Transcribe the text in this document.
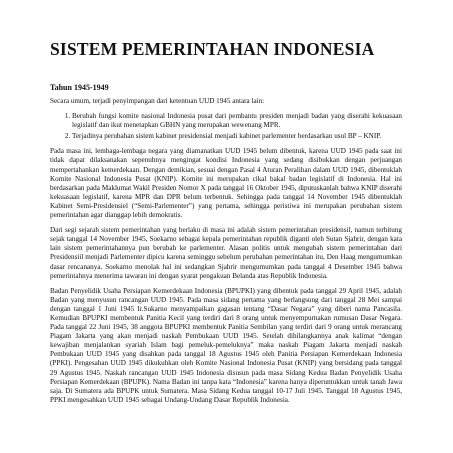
SISTEM PEMERINTAHAN INDONESIA
Tahun 1945-1949

Secara umum, terjadi penyimpangan dari ketentuan UUD 1945 antara lain:

1. Berubah fungsi komite nasional Indonesia pusat dari pembantu presiden menjadi badan yang diserahi kekuasaan legislatif dan ikut menetapkan GBHN yang merupakan wewenang MPR.
2. Terjadinya perubahan sistem kabinet presidensial menjadi kabinet parlementer berdasarkan usul BP – KNIP.

Pada masa ini, lembaga-lembaga negara yang diamanatkan UUD 1945 belum dibentuk, karena UUD 1945 pada saat ini tidak dapat dilaksanakan sepenuhnya mengingat kondisi Indonesia yang sedang disibukkan dengan perjuangan mempertahankan kemerdekaan. Dengan demikian, sesuai dengan Pasal 4 Aturan Peralihan dalam UUD 1945, dibentuklah Komite Nasional Indonesia Pusat (KNIP). Komite ini merupakan cikal bakal badan legislatif di Indonesia. Hal ini berdasarkan pada Maklumat Wakil Presiden Nomor X pada tanggal 16 Oktober 1945, diputuskanlah bahwa KNIP diserahi kekuasaan legislatif, karena MPR dan DPR belum terbentuk. Sehingga pada tanggal 14 November 1945 dibentuklah Kabinet Semi-Presidensiel (“Semi-Parlementer”) yang pertama, sehingga peristiwa ini merupakan perubahan sistem pemerintahan agar dianggap lebih demokratis.

Dari segi sejarah sistem pemerintahan yang berlaku di masa ini adalah sistem pemerintahan presidensil, namun terhitung sejak tanggal 14 November 1945, Soekarno sebagai kepala pemerintahan republik diganti oleh Sutan Sjahrir, dengan kata lain sistem pemerintahannya pun berubah ke parlementer. Alasan politis untuk mengubah sistem pemerintahan dari Presidensiil menjadi Parlementer dipicu karena seminggu sebelum perubahan pemerintahan itu, Den Haag mengumumkan dasar rencananya. Soekarno menolak hal ini sedangkan Sjahrir mengumumkan pada tanggal 4 Desember 1945 bahwa pemerintahnya menerima tawaran ini dengan syarat pengakuan Belanda atas Republik Indonesia.

Badan Penyelidik Usaha Persiapan Kemerdekaan Indonesia (BPUPKI) yang dibentuk pada tanggal 29 April 1945, adalah Badan yang menyusun rancangan UUD 1945. Pada masa sidang pertama yang berlangsung dari tanggal 28 Mei sampai dengan tanggal 1 Juni 1945 Ir.Sukarno menyampaikan gagasan tentang “Dasar Negara” yang diberi nama Pancasila. Kemudian BPUPKI membentuk Panitia Kecil yang terdiri dari 8 orang untuk menyempurnakan rumusan Dasar Negara. Pada tanggal 22 Juni 1945, 38 anggota BPUPKI membentuk Panitia Sembilan yang terdiri dari 9 orang untuk merancang Piagam Jakarta yang akan menjadi naskah Pembukaan UUD 1945. Setelah dihilangkannya anak kalimat “dengan kewajiban menjalankan syariah Islam bagi pemeluk-pemeluknya” maka naskah Piagam Jakarta menjadi naskah Pembukaan UUD 1945 yang disahkan pada tanggal 18 Agustus 1945 oleh Panitia Persiapan Kemerdekaan Indonesia (PPKI). Pengesahan UUD 1945 dikukuhkan oleh Komite Nasional Indonesia Pusat (KNIP) yang bersidang pada tanggal 29 Agustus 1945. Naskah rancangan UUD 1945 Indonesia disusun pada masa Sidang Kedua Badan Penyelidik Usaha Persiapan Kemerdekaan (BPUPK). Nama Badan ini tanpa kata “Indonesia” karena hanya diperuntukkan untuk tanah Jawa saja. Di Sumatera ada BPUPK untuk Sumatera. Masa Sidang Kedua tanggal 10-17 Juli 1945. Tanggal 18 Agustus 1945, PPKI mengesahkan UUD 1945 sebagai Undang-Undang Dasar Republik Indonesia.
